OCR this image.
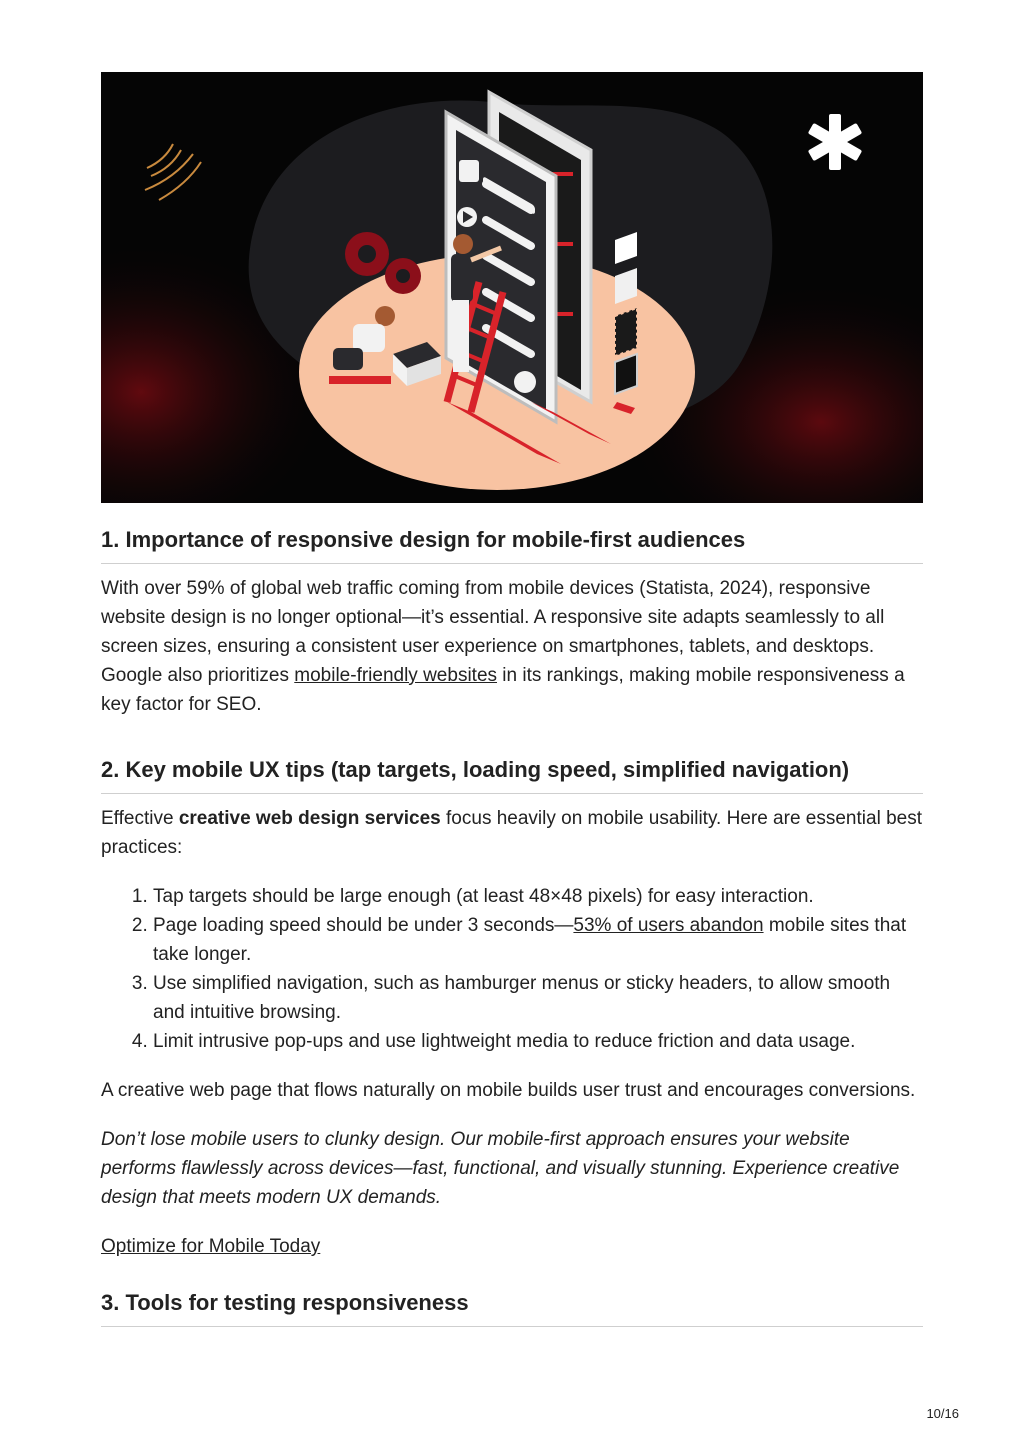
1. Importance of responsive design for mobile-first audiences

With over 59% of global web traffic coming from mobile devices (Statista, 2024), responsive website design is no longer optional—it’s essential. A responsive site adapts seamlessly to all screen sizes, ensuring a consistent user experience on smartphones, tablets, and desktops. Google also prioritizes mobile-friendly websites in its rankings, making mobile responsiveness a key factor for SEO.

2. Key mobile UX tips (tap targets, loading speed, simplified navigation)

Effective creative web design services focus heavily on mobile usability. Here are essential best practices:

1. Tap targets should be large enough (at least 48×48 pixels) for easy interaction.
2. Page loading speed should be under 3 seconds—53% of users abandon mobile sites that take longer.
3. Use simplified navigation, such as hamburger menus or sticky headers, to allow smooth and intuitive browsing.
4. Limit intrusive pop-ups and use lightweight media to reduce friction and data usage.

A creative web page that flows naturally on mobile builds user trust and encourages conversions.

Don’t lose mobile users to clunky design. Our mobile-first approach ensures your website performs flawlessly across devices—fast, functional, and visually stunning. Experience creative design that meets modern UX demands.

Optimize for Mobile Today

3. Tools for testing responsiveness
10/16
